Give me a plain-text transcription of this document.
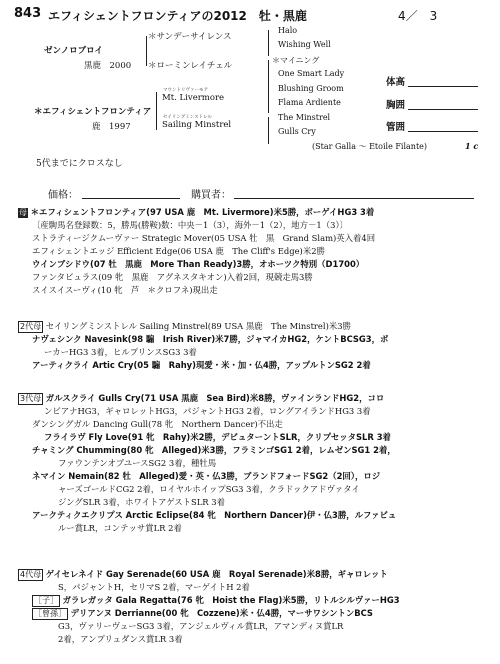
843 エフィシェントフロンティアの2012　牡・黒鹿	4／　3
ゼンノロブロイ
黒鹿　2000
＊サンデーサイレンス
＊ローミンレイチェル
Halo
Wishing Well
＊マイニング
One Smart Lady
＊エフィシェントフロンティア
鹿　1997
マウントリヴァーモア
Mt. Livermore
セイリングミンストレル
Sailing Minstrel
Blushing Groom
Flama Ardiente
The Minstrel
Gulls Cry
(Star Galla ～ Etoile Filante)	1 c
体高
胸囲
管囲
5代までにクロスなし
価格：	購買者：
母 ＊エフィシェントフロンティア(97 USA 鹿　Mt. Livermore)米5勝，ボーゲイHG3 3着
〔産駒馬名登録数：5，勝馬(勝鞍)数：中央－1（3），海外－1（2），地方－1（3）〕
ストラティージクムーヴァー Strategic Mover(05 USA 牡　黒　Grand Slam)英入着4回
エフィシェントエッジ Efficient Edge(06 USA 鹿　The Cliff's Edge)米2勝
ウインブシドウ(07 牡　黒鹿　More Than Ready)3勝，オホーツク特別（D1700）
ファンタビュラス(09 牝　黒鹿　アグネスタキオン)入着2回，現競走馬3勝
スイスイスーヴィ(10 牝　芦　＊クロフネ)現出走
2代母 セイリングミンストレル Sailing Minstrel(89 USA 黒鹿　The Minstrel)米3勝
ナヴェシンク Navesink(98 騸　Irish River)米7勝，ジャマイカHG2，ケントBCSG3，ボ
ーカーHG3 3着，ヒルプリンスSG3 3着
アーティクライ Artic Cry(05 騸　Rahy)現愛・米・加・仏4勝，アップルトンSG2 2着
3代母 ガルスクライ Gulls Cry(71 USA 黒鹿　Sea Bird)米8勝，ヴァインランドHG2，コロ
ンビアナHG3，ギャロレットHG3，パジャントHG3 2着，ロングアイランドHG3 3着
ダンシングガル Dancing Gull(78 牝　Northern Dancer)不出走
フライラヴ Fly Love(91 牝　Rahy)米2勝，デビュターントSLR，クリプセッタSLR 3着
チャミング Chumming(80 牝　Alleged)米3勝，フラミンゴSG1 2着，レムゼンSG1 2着，
ファウンテンオブユースSG2 3着，種牡馬
ネマイン Nemain(82 牡　Alleged)愛・英・仏3勝，ブランドフォードSG2（2回），ロジ
ャーズゴールドCG2 2着，ロイヤルホイップSG3 3着，クラドックアドヴァタイ
ジングSLR 3着，ホワイトアゲストSLR 3着
アークティクエクリプス Arctic Eclipse(84 牝　Northern Dancer)伊・仏3勝，ルファビュ
ルー賞LR，コンテッサ賞LR 2着
4代母 ゲイセレネイド Gay Serenade(60 USA 鹿　Royal Serenade)米8勝，ギャロレット
S，パジャントH，セリマS 2着，マーゲイトH 2着
［子］ ガラレガッタ Gala Regatta(76 牝　Hoist the Flag)米5勝，リトルシルヴァーHG3
［曾孫］ デリアンヌ Derrianne(00 牝　Cozzene)米・仏4勝，マーサワシントンBCS
G3，ヴァリーヴューSG3 3着，アンジェルヴィル賞LR，アマンディヌ賞LR
2着，アンプリュダンス賞LR 3着
